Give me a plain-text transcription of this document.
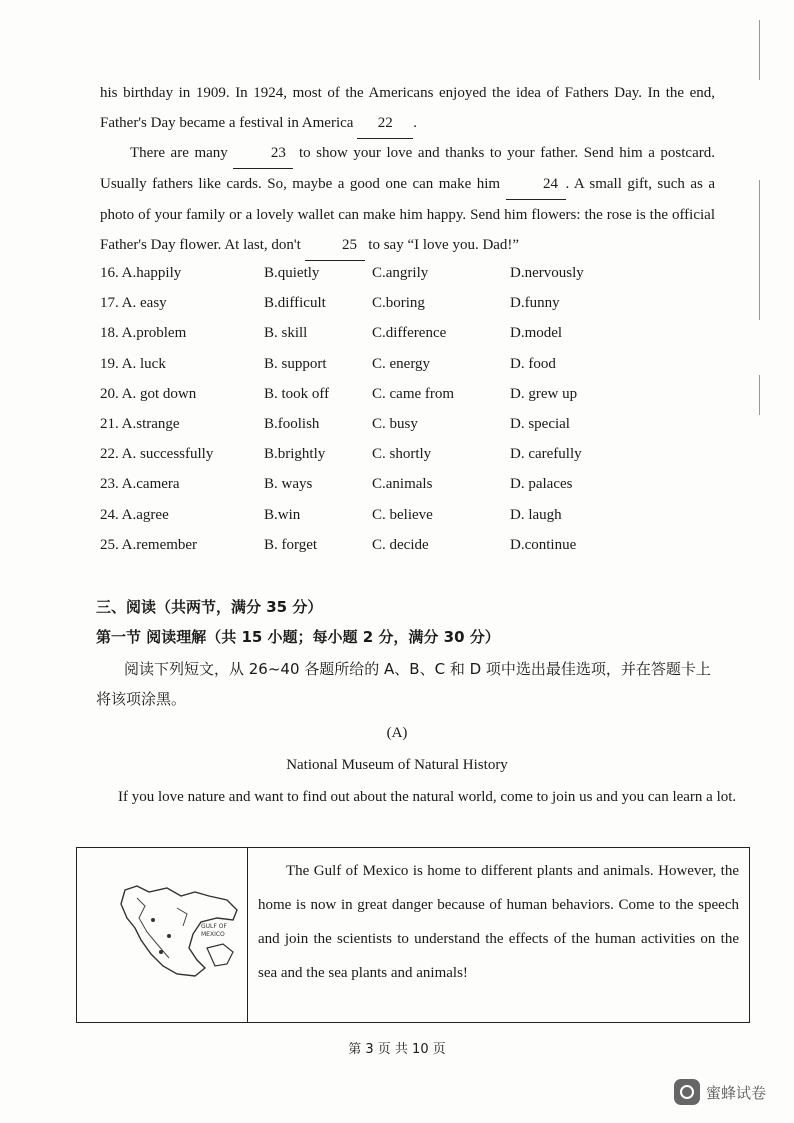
his birthday in 1909. In 1924, most of the Americans enjoyed the idea of Fathers Day. In the end, Father's Day became a festival in America 22 .

There are many	23 to show your love and thanks to your father. Send him a postcard. Usually fathers like cards. So, maybe a good one can make him	24 . A small gift, such as a photo of your family or a lovely wallet can make him happy. Send him flowers: the rose is the official Father's Day flower. At last, don't	25 to say “I love you. Dad!”

16. A.happily	B.quietly	C.angrily	D.nervously
17. A. easy	B.difficult	C.boring	D.funny
18. A.problem	B. skill	C.difference	D.model
19. A. luck	B. support	C. energy	D. food
20. A. got down	B. took off	C. came from	D. grew up
21. A.strange	B.foolish	C. busy	D. special
22. A. successfully	B.brightly	C. shortly	D. carefully
23. A.camera	B. ways	C.animals	D. palaces
24. A.agree	B.win	C. believe	D. laugh
25. A.remember	B. forget	C. decide	D.continue

三、阅读（共两节，满分 35 分）

第一节 阅读理解（共 15 小题；每小题 2 分，满分 30 分）

阅读下列短文，从 26~40 各题所给的 A、B、C 和 D 项中选出最佳选项，并在答题卡上将该项涂黑。

(A)

National Museum of Natural History

If you love nature and want to find out about the natural world, come to join us and you can learn a lot.

GULF OF
MEXICO
The Gulf of Mexico is home to different plants and animals. However, the home is now in great danger because of human behaviors. Come to the speech and join the scientists to understand the effects of the human activities on the sea and the sea plants and animals!
第 3 页 共 10 页
蜜蜂试卷
